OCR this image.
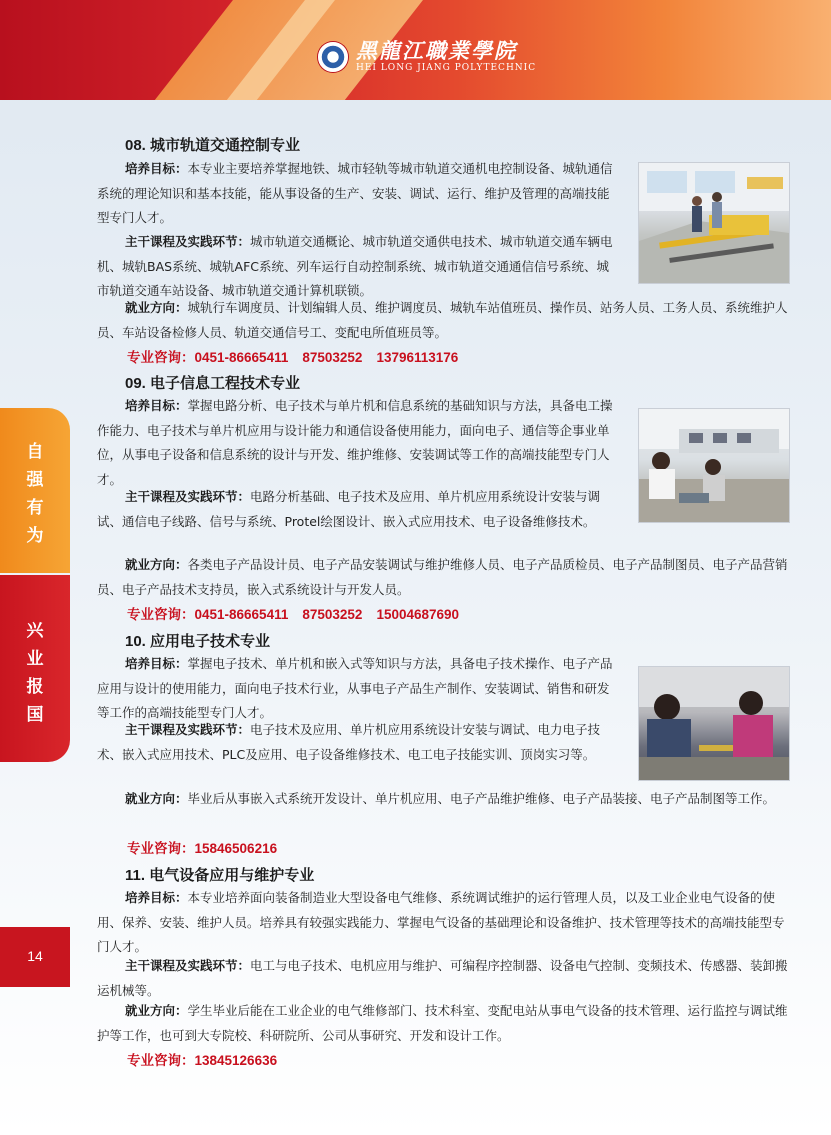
黑龍江職業學院
HEI LONG JIANG POLYTECHNIC
自
强
有
为
兴
业
报
国
14
08. 城市轨道交通控制专业

培养目标：本专业主要培养掌握地铁、城市轻轨等城市轨道交通机电控制设备、城轨通信系统的理论知识和基本技能，能从事设备的生产、安装、调试、运行、维护及管理的高端技能型专门人才。

主干课程及实践环节：城市轨道交通概论、城市轨道交通供电技术、城市轨道交通车辆电机、城轨BAS系统、城轨AFC系统、列车运行自动控制系统、城市轨道交通通信信号系统、城市轨道交通车站设备、城市轨道交通计算机联锁。

就业方向：城轨行车调度员、计划编辑人员、维护调度员、城轨车站值班员、操作员、站务人员、工务人员、系统维护人员、车站设备检修人员、轨道交通信号工、变配电所值班员等。

专业咨询：0451-86665411 87503252 13796113176
09. 电子信息工程技术专业

培养目标：掌握电路分析、电子技术与单片机和信息系统的基础知识与方法，具备电工操作能力、电子技术与单片机应用与设计能力和通信设备使用能力，面向电子、通信等企事业单位，从事电子设备和信息系统的设计与开发、维护维修、安装调试等工作的高端技能型专门人才。

主干课程及实践环节：电路分析基础、电子技术及应用、单片机应用系统设计安装与调试、通信电子线路、信号与系统、Protel绘图设计、嵌入式应用技术、电子设备维修技术。

就业方向：各类电子产品设计员、电子产品安装调试与维护维修人员、电子产品质检员、电子产品制图员、电子产品营销员、电子产品技术支持员，嵌入式系统设计与开发人员。

专业咨询：0451-86665411 87503252 15004687690
10. 应用电子技术专业

培养目标：掌握电子技术、单片机和嵌入式等知识与方法，具备电子技术操作、电子产品应用与设计的使用能力，面向电子技术行业，从事电子产品生产制作、安装调试、销售和研发等工作的高端技能型专门人才。

主干课程及实践环节：电子技术及应用、单片机应用系统设计安装与调试、电力电子技术、嵌入式应用技术、PLC及应用、电子设备维修技术、电工电子技能实训、顶岗实习等。

就业方向：毕业后从事嵌入式系统开发设计、单片机应用、电子产品维护维修、电子产品装接、电子产品制图等工作。

专业咨询：15846506216
11. 电气设备应用与维护专业

培养目标：本专业培养面向装备制造业大型设备电气维修、系统调试维护的运行管理人员，以及工业企业电气设备的使用、保养、安装、维护人员。培养具有较强实践能力、掌握电气设备的基础理论和设备维护、技术管理等技术的高端技能型专门人才。

主干课程及实践环节：电工与电子技术、电机应用与维护、可编程序控制器、设备电气控制、变频技术、传感器、装卸搬运机械等。

就业方向：学生毕业后能在工业企业的电气维修部门、技术科室、变配电站从事电气设备的技术管理、运行监控与调试维护等工作，也可到大专院校、科研院所、公司从事研究、开发和设计工作。

专业咨询：13845126636
